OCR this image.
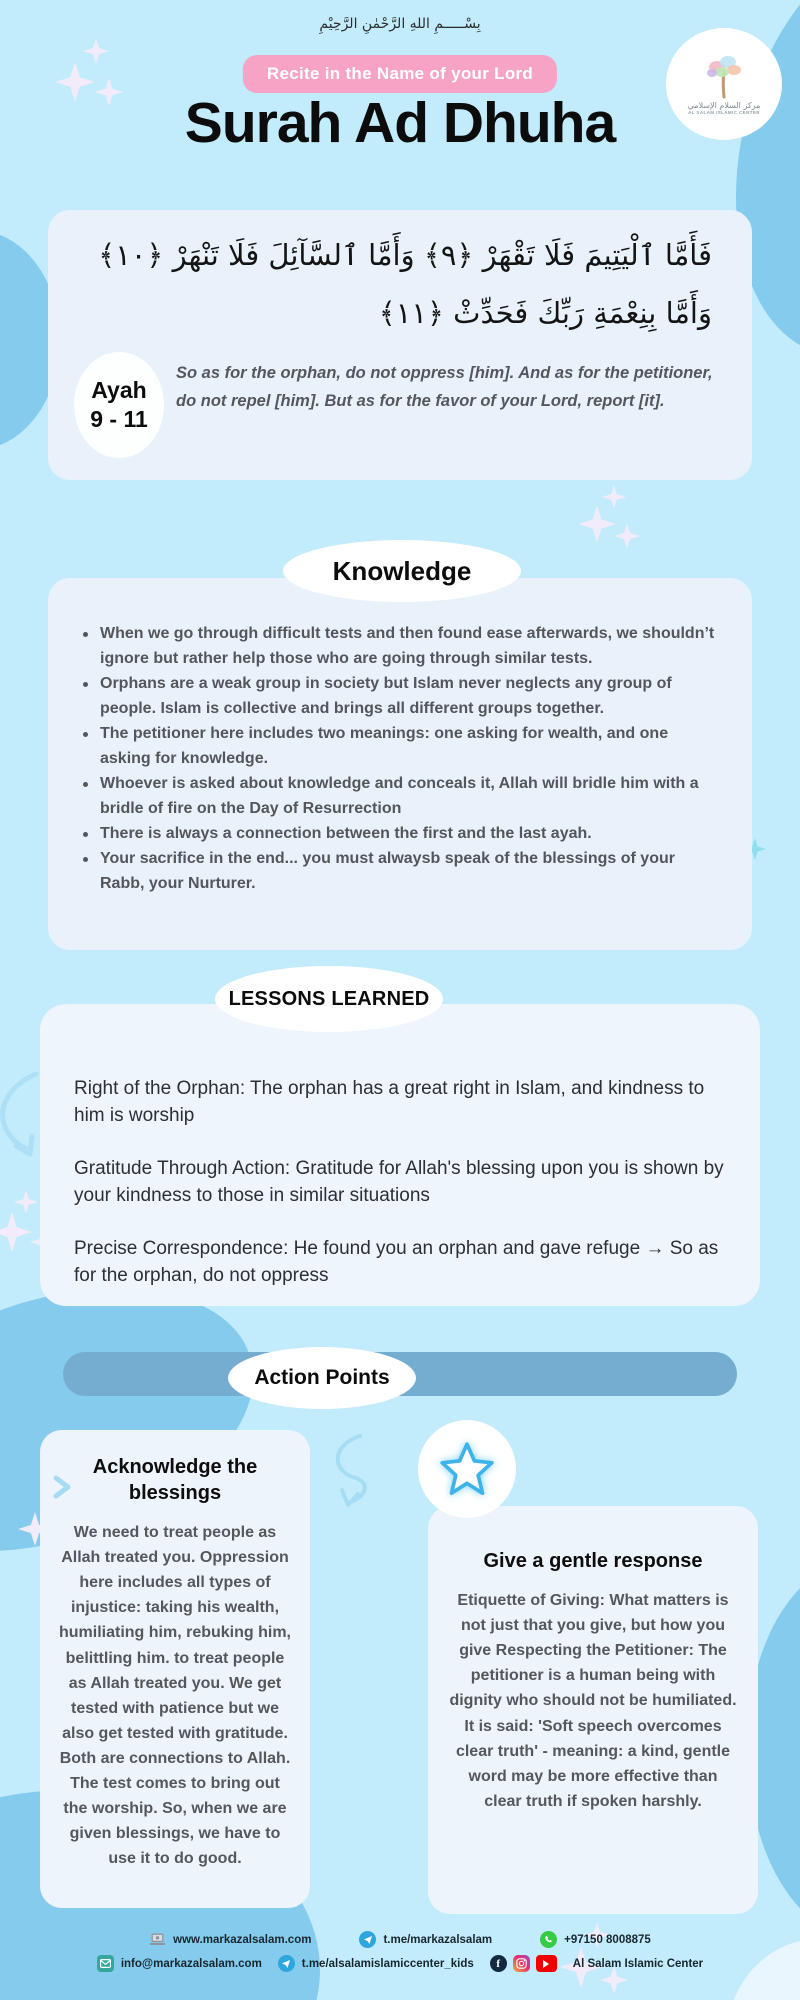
بِسْـــــمِ اللهِ الرَّحْمٰنِ الرَّحِيْمِ
Recite in the Name of your Lord
مركز السلام الإسلامي
AL SALAM ISLAMIC CENTER
Surah Ad Dhuha
فَأَمَّا ٱلْيَتِيمَ فَلَا تَقْهَرْ ﴿٩﴾ وَأَمَّا ٱلسَّآئِلَ فَلَا تَنْهَرْ ﴿١٠﴾
وَأَمَّا بِنِعْمَةِ رَبِّكَ فَحَدِّثْ ﴿١١﴾
Ayah
9 - 11
So as for the orphan, do not oppress [him]. And as for the petitioner, do not repel [him]. But as for the favor of your Lord, report [it].
Knowledge
When we go through difficult tests and then found ease afterwards, we shouldn’t ignore but rather help those who are going through similar tests.
Orphans are a weak group in society but Islam never neglects any group of people. Islam is collective and brings all different groups together.
The petitioner here includes two meanings: one asking for wealth, and one asking for knowledge.
Whoever is asked about knowledge and conceals it, Allah will bridle him with a bridle of fire on the Day of Resurrection
There is always a connection between the first and the last ayah.
Your sacrifice in the end... you must alwaysb speak of the blessings of your Rabb, your Nurturer.
LESSONS LEARNED
Right of the Orphan: The orphan has a great right in Islam, and kindness to him is worship
Gratitude Through Action: Gratitude for Allah's blessing upon you is shown by your kindness to those in similar situations
Precise Correspondence: He found you an orphan and gave refuge → So as for the orphan, do not oppress
Action Points
Acknowledge the blessings
We need to treat people as Allah treated you. Oppression here includes all types of injustice: taking his wealth, humiliating him, rebuking him, belittling him. to treat people as Allah treated you. We get tested with patience but we also get tested with gratitude. Both are connections to Allah. The test comes to bring out the worship. So, when we are given blessings, we have to use it to do good.
Give a gentle response
Etiquette of Giving: What matters is not just that you give, but how you give Respecting the Petitioner: The petitioner is a human being with dignity who should not be humiliated. It is said: 'Soft speech overcomes clear truth' - meaning: a kind, gentle word may be more effective than clear truth if spoken harshly.
www.markazalsalam.com	t.me/markazalsalam	+97150 8008875
info@markazalsalam.com	t.me/alsalamislamiccenter_kids	f	Al Salam Islamic Center
